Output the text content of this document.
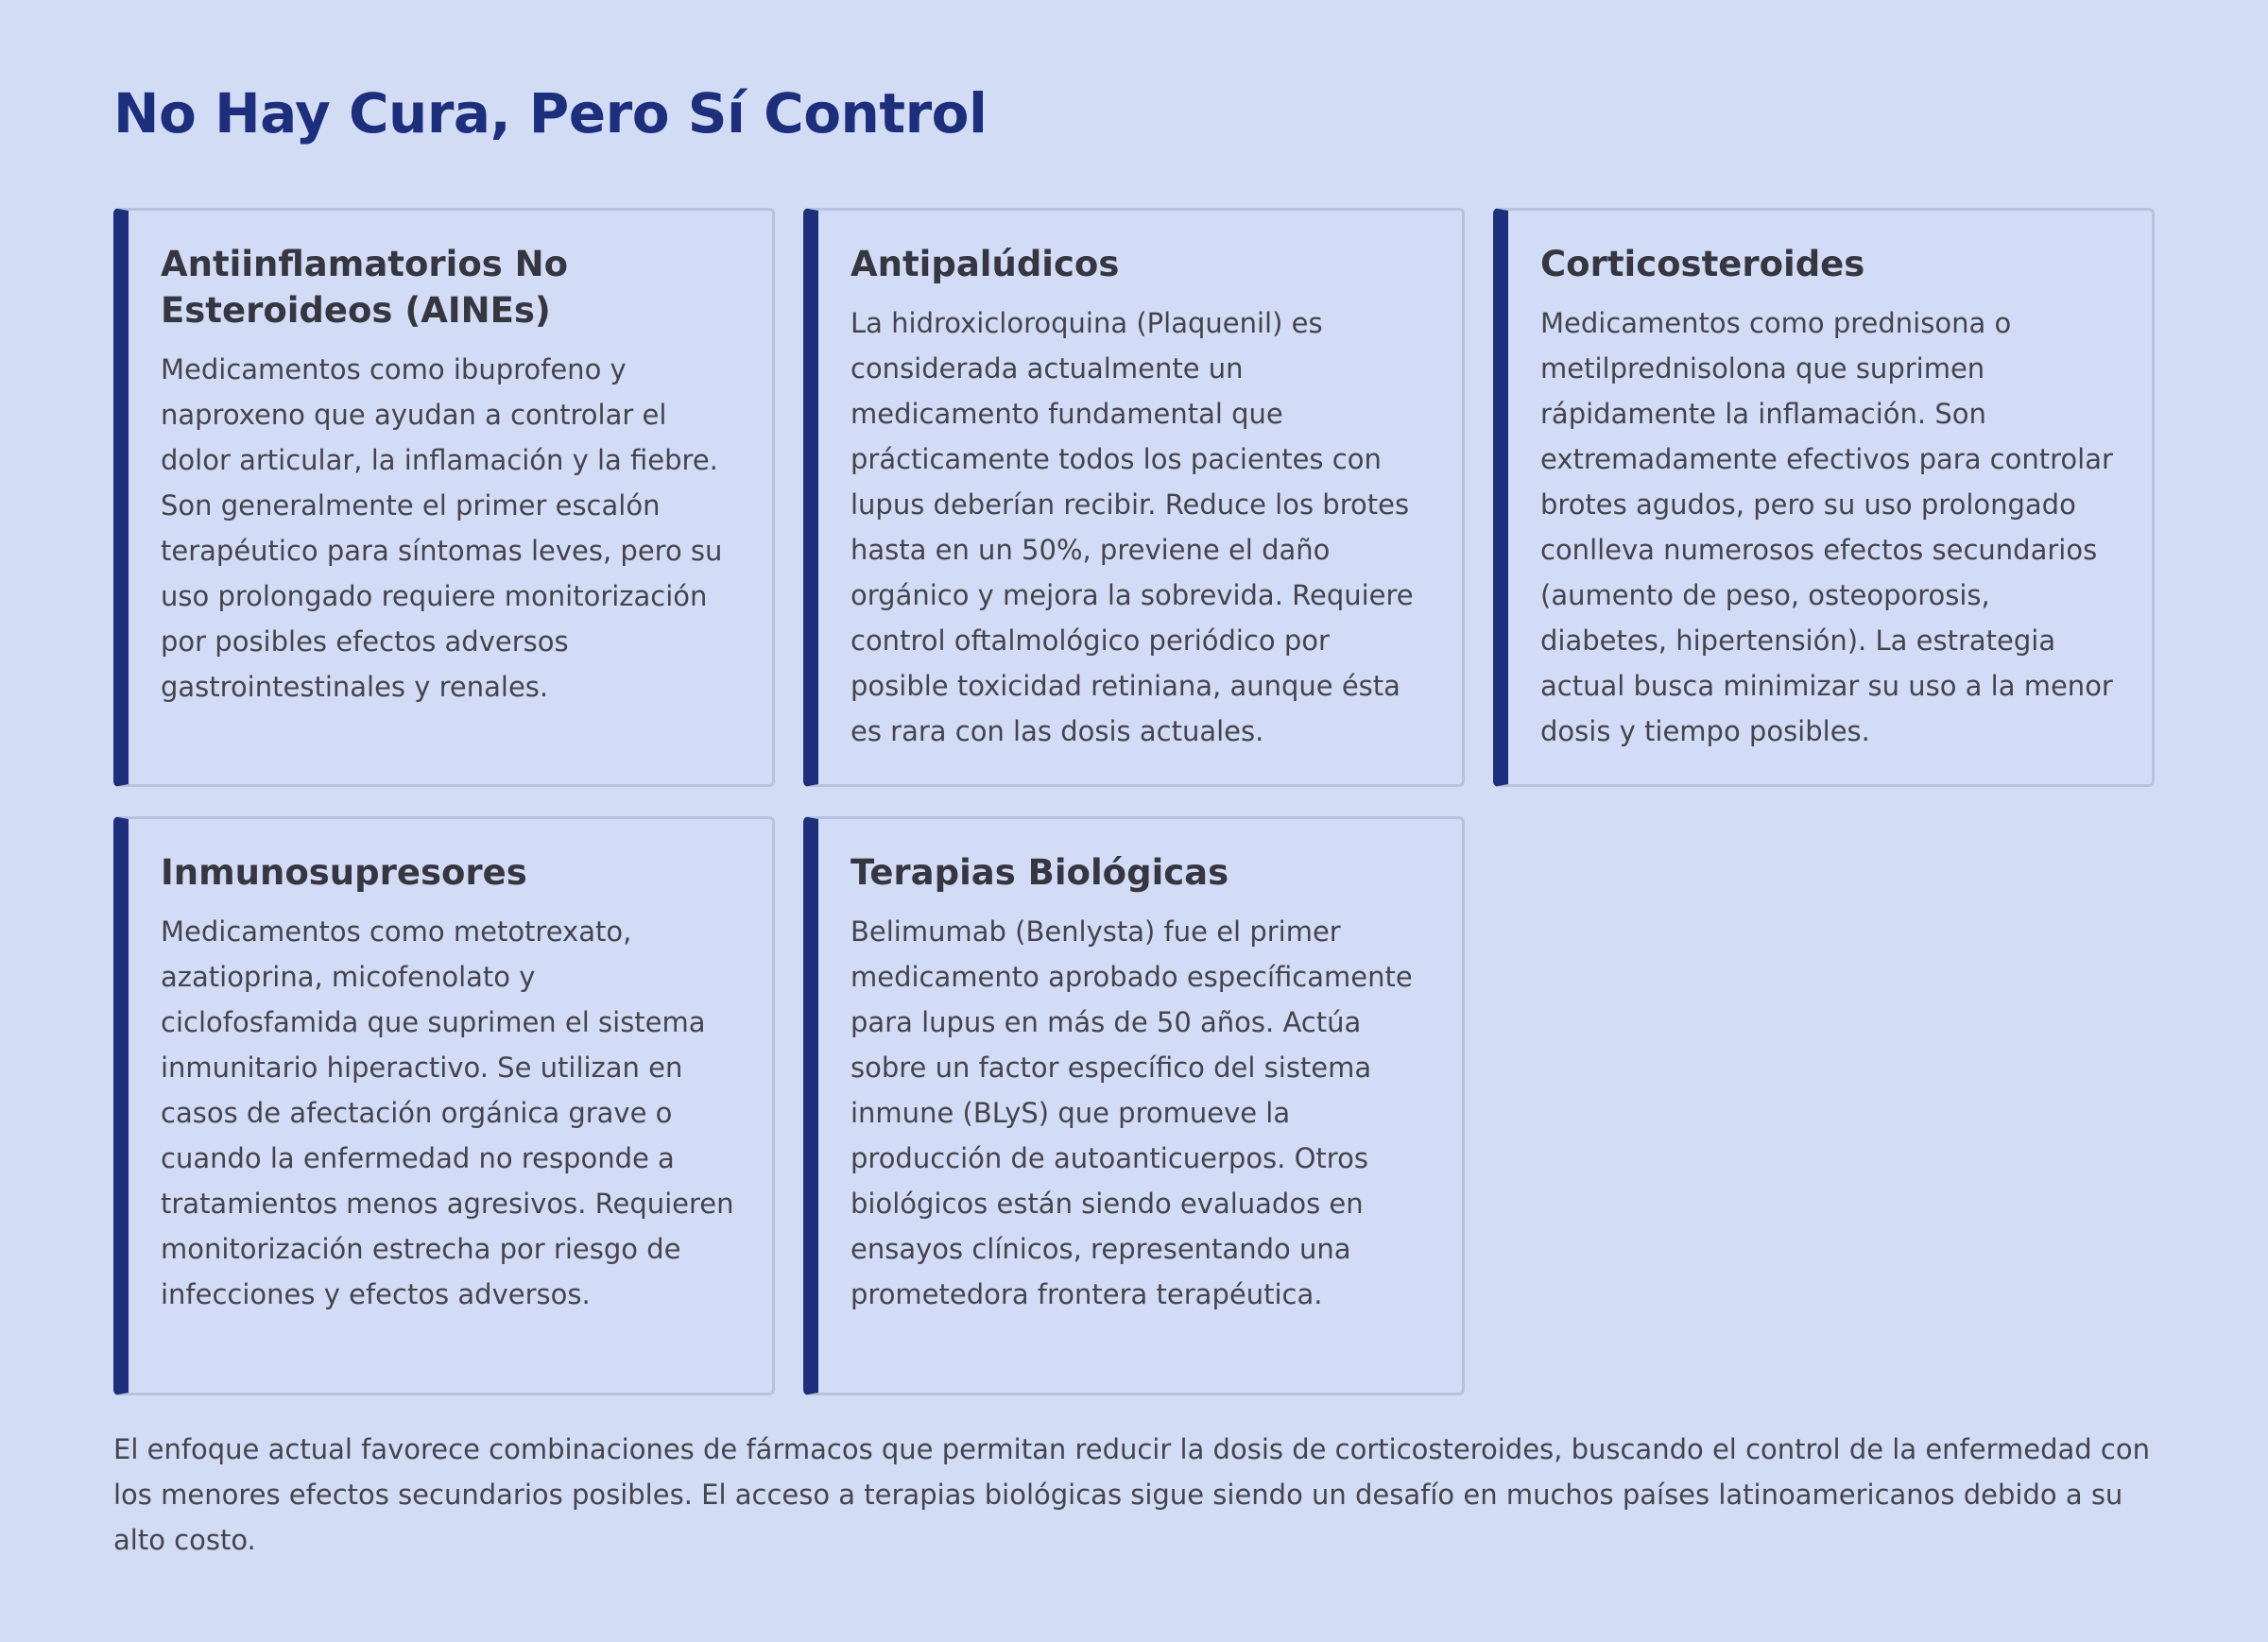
No Hay Cura, Pero Sí Control
Antiinflamatorios No Esteroideos (AINEs)

Medicamentos como ibuprofeno y naproxeno que ayudan a controlar el dolor articular, la inflamación y la fiebre. Son generalmente el primer escalón terapéutico para síntomas leves, pero su uso prolongado requiere monitorización por posibles efectos adversos gastrointestinales y renales.

Antipalúdicos

La hidroxicloroquina (Plaquenil) es considerada actualmente un medicamento fundamental que prácticamente todos los pacientes con lupus deberían recibir. Reduce los brotes hasta en un 50%, previene el daño orgánico y mejora la sobrevida. Requiere control oftalmológico periódico por posible toxicidad retiniana, aunque ésta es rara con las dosis actuales.

Corticosteroides

Medicamentos como prednisona o metilprednisolona que suprimen rápidamente la inflamación. Son extremadamente efectivos para controlar brotes agudos, pero su uso prolongado conlleva numerosos efectos secundarios (aumento de peso, osteoporosis, diabetes, hipertensión). La estrategia actual busca minimizar su uso a la menor dosis y tiempo posibles.

Inmunosupresores

Medicamentos como metotrexato, azatioprina, micofenolato y ciclofosfamida que suprimen el sistema inmunitario hiperactivo. Se utilizan en casos de afectación orgánica grave o cuando la enfermedad no responde a tratamientos menos agresivos. Requieren monitorización estrecha por riesgo de infecciones y efectos adversos.

Terapias Biológicas

Belimumab (Benlysta) fue el primer medicamento aprobado específicamente para lupus en más de 50 años. Actúa sobre un factor específico del sistema inmune (BLyS) que promueve la producción de autoanticuerpos. Otros biológicos están siendo evaluados en ensayos clínicos, representando una prometedora frontera terapéutica.

El enfoque actual favorece combinaciones de fármacos que permitan reducir la dosis de corticosteroides, buscando el control de la enfermedad con los menores efectos secundarios posibles. El acceso a terapias biológicas sigue siendo un desafío en muchos países latinoamericanos debido a su alto costo.
